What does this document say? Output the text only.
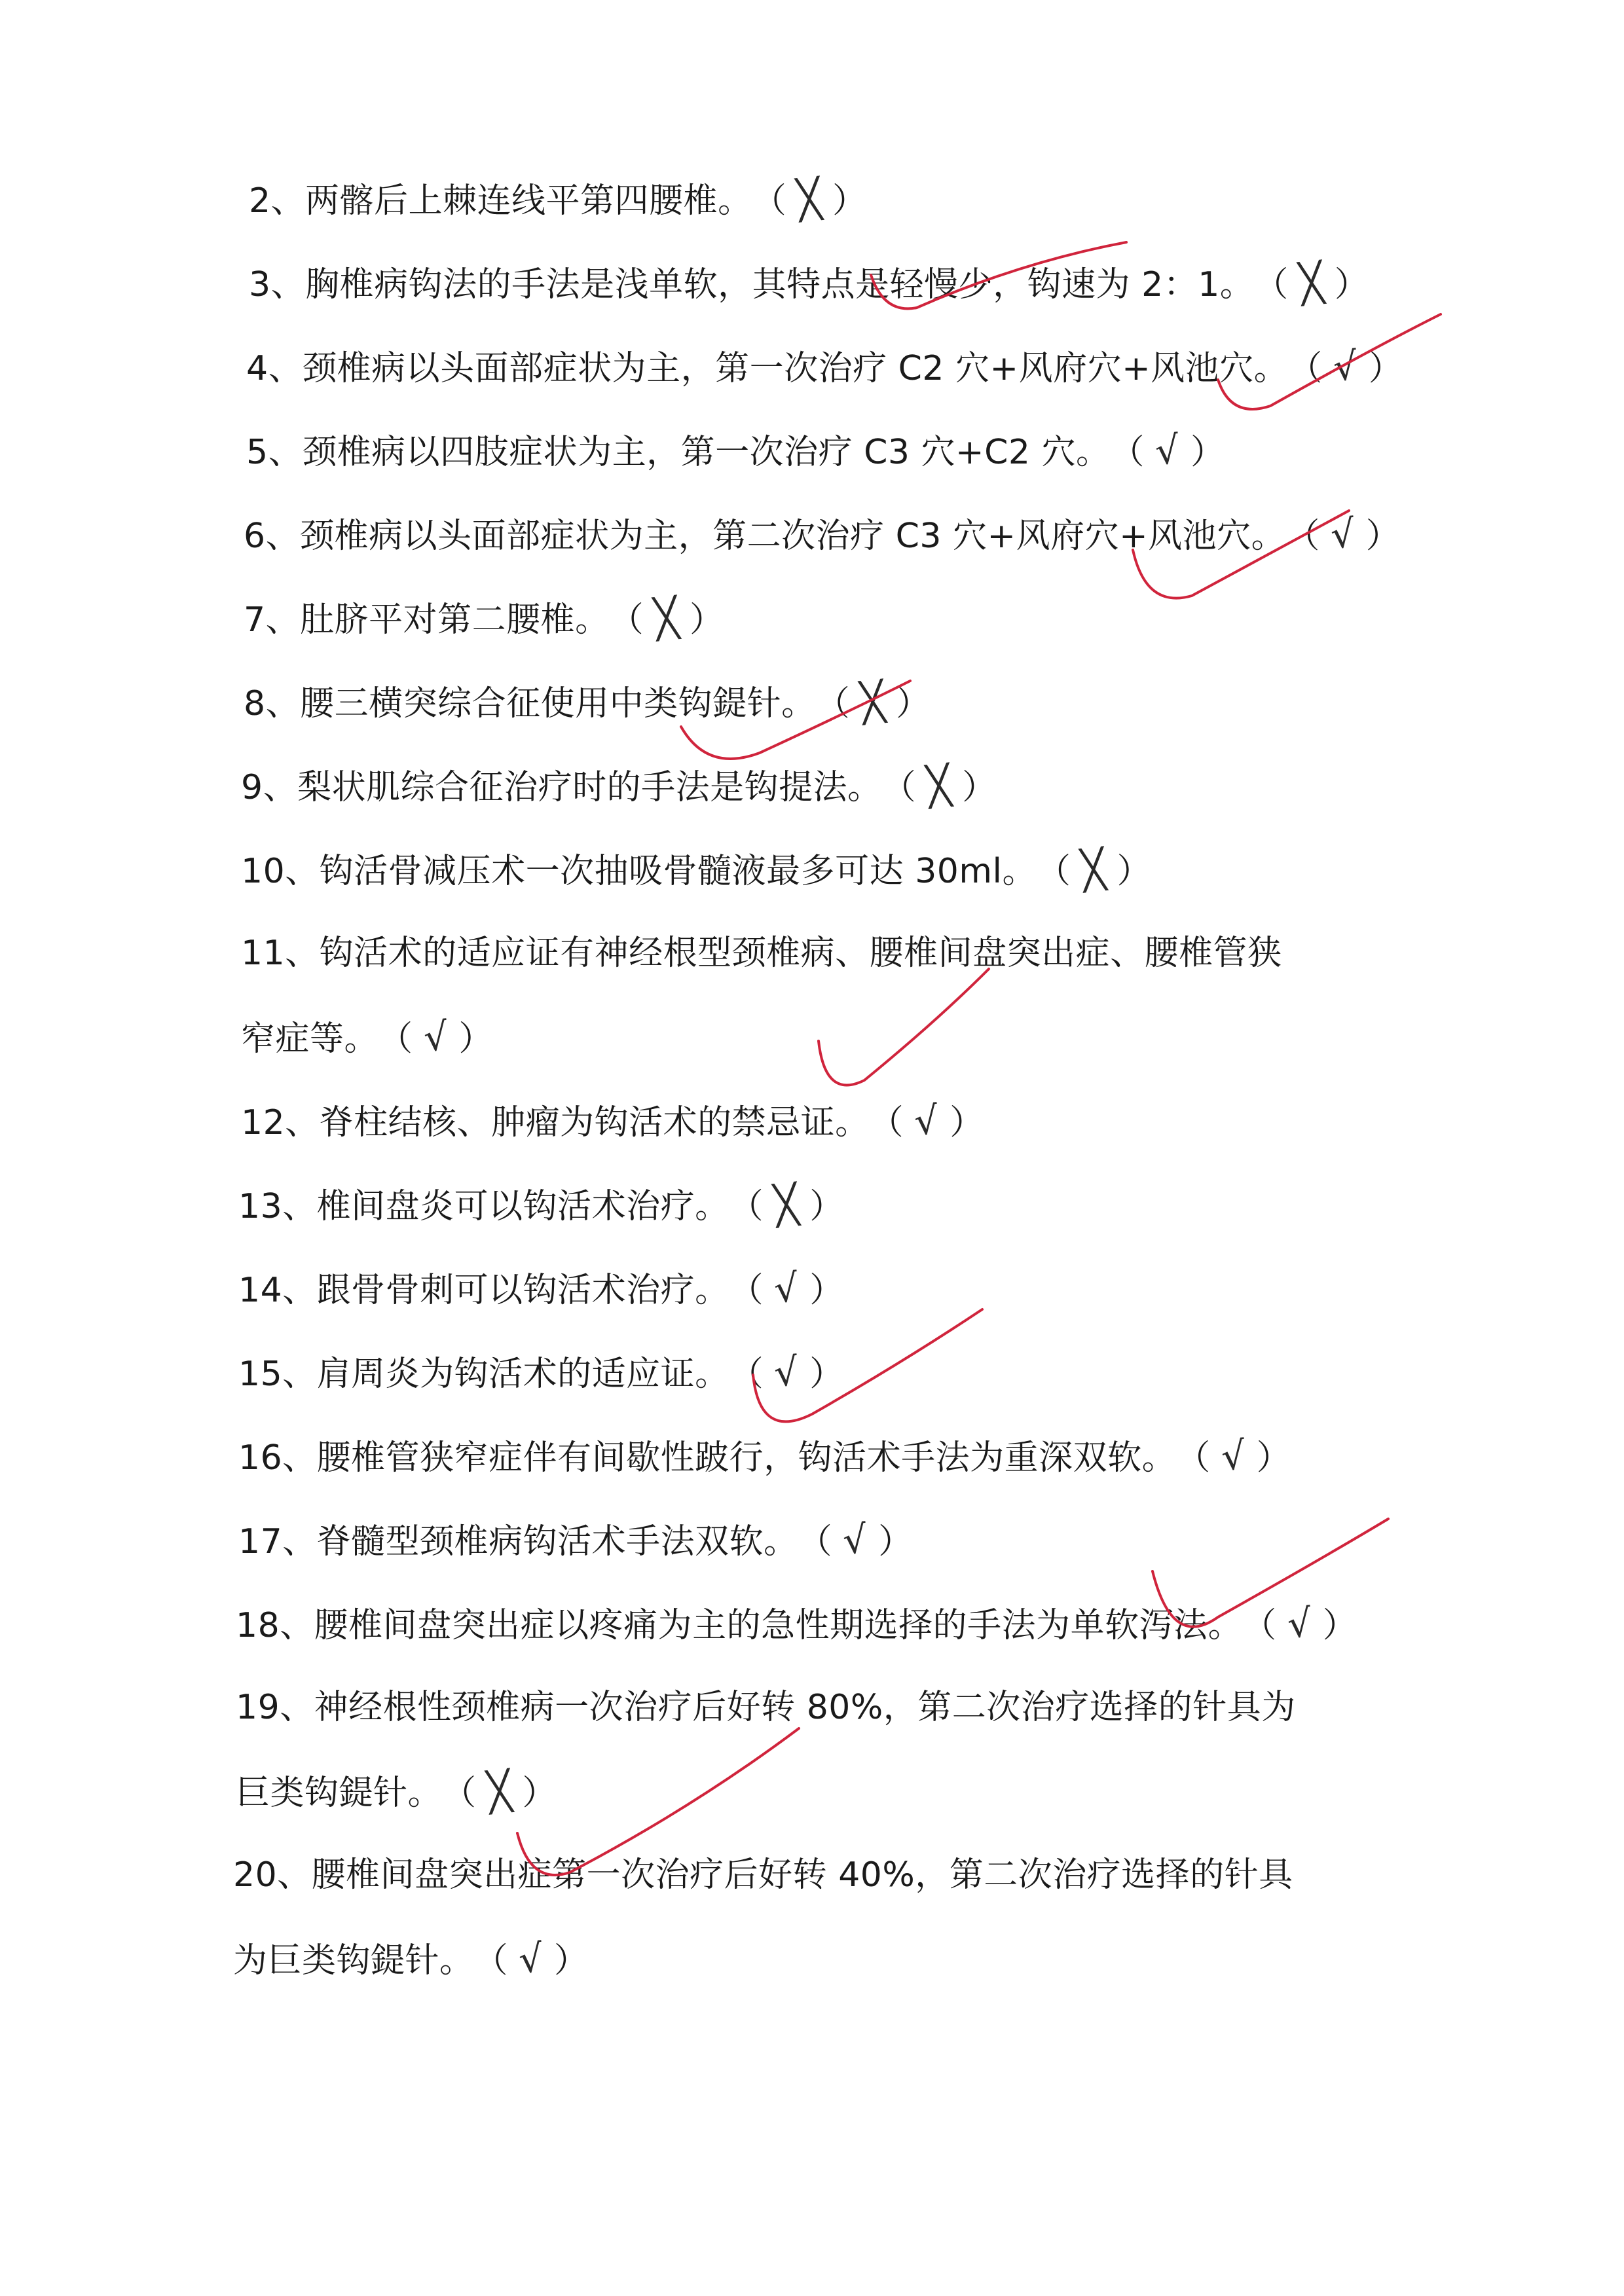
2、两髂后上棘连线平第四腰椎。（ ╳ ）
3、胸椎病钩法的手法是浅单软，其特点是轻慢少，钩速为 2：1。（ ╳ ）
4、颈椎病以头面部症状为主，第一次治疗 C2 穴+风府穴+风池穴。（ √ ）
5、颈椎病以四肢症状为主，第一次治疗 C3 穴+C2 穴。（ √ ）
6、颈椎病以头面部症状为主，第二次治疗 C3 穴+风府穴+风池穴。（ √ ）
7、肚脐平对第二腰椎。（ ╳ ）
8、腰三横突综合征使用中类钩鍉针。（ ╳ ）
9、梨状肌综合征治疗时的手法是钩提法。（ ╳ ）
10、钩活骨减压术一次抽吸骨髓液最多可达 30ml。（ ╳ ）
11、钩活术的适应证有神经根型颈椎病、腰椎间盘突出症、腰椎管狭
窄症等。（ √ ）
12、脊柱结核、肿瘤为钩活术的禁忌证。（ √ ）
13、椎间盘炎可以钩活术治疗。（ ╳ ）
14、跟骨骨刺可以钩活术治疗。（ √ ）
15、肩周炎为钩活术的适应证。（ √ ）
16、腰椎管狭窄症伴有间歇性跛行，钩活术手法为重深双软。（ √ ）
17、脊髓型颈椎病钩活术手法双软。（ √ ）
18、腰椎间盘突出症以疼痛为主的急性期选择的手法为单软泻法。（ √ ）
19、神经根性颈椎病一次治疗后好转 80%，第二次治疗选择的针具为
巨类钩鍉针。（ ╳ ）
20、腰椎间盘突出症第一次治疗后好转 40%，第二次治疗选择的针具
为巨类钩鍉针。（ √ ）
